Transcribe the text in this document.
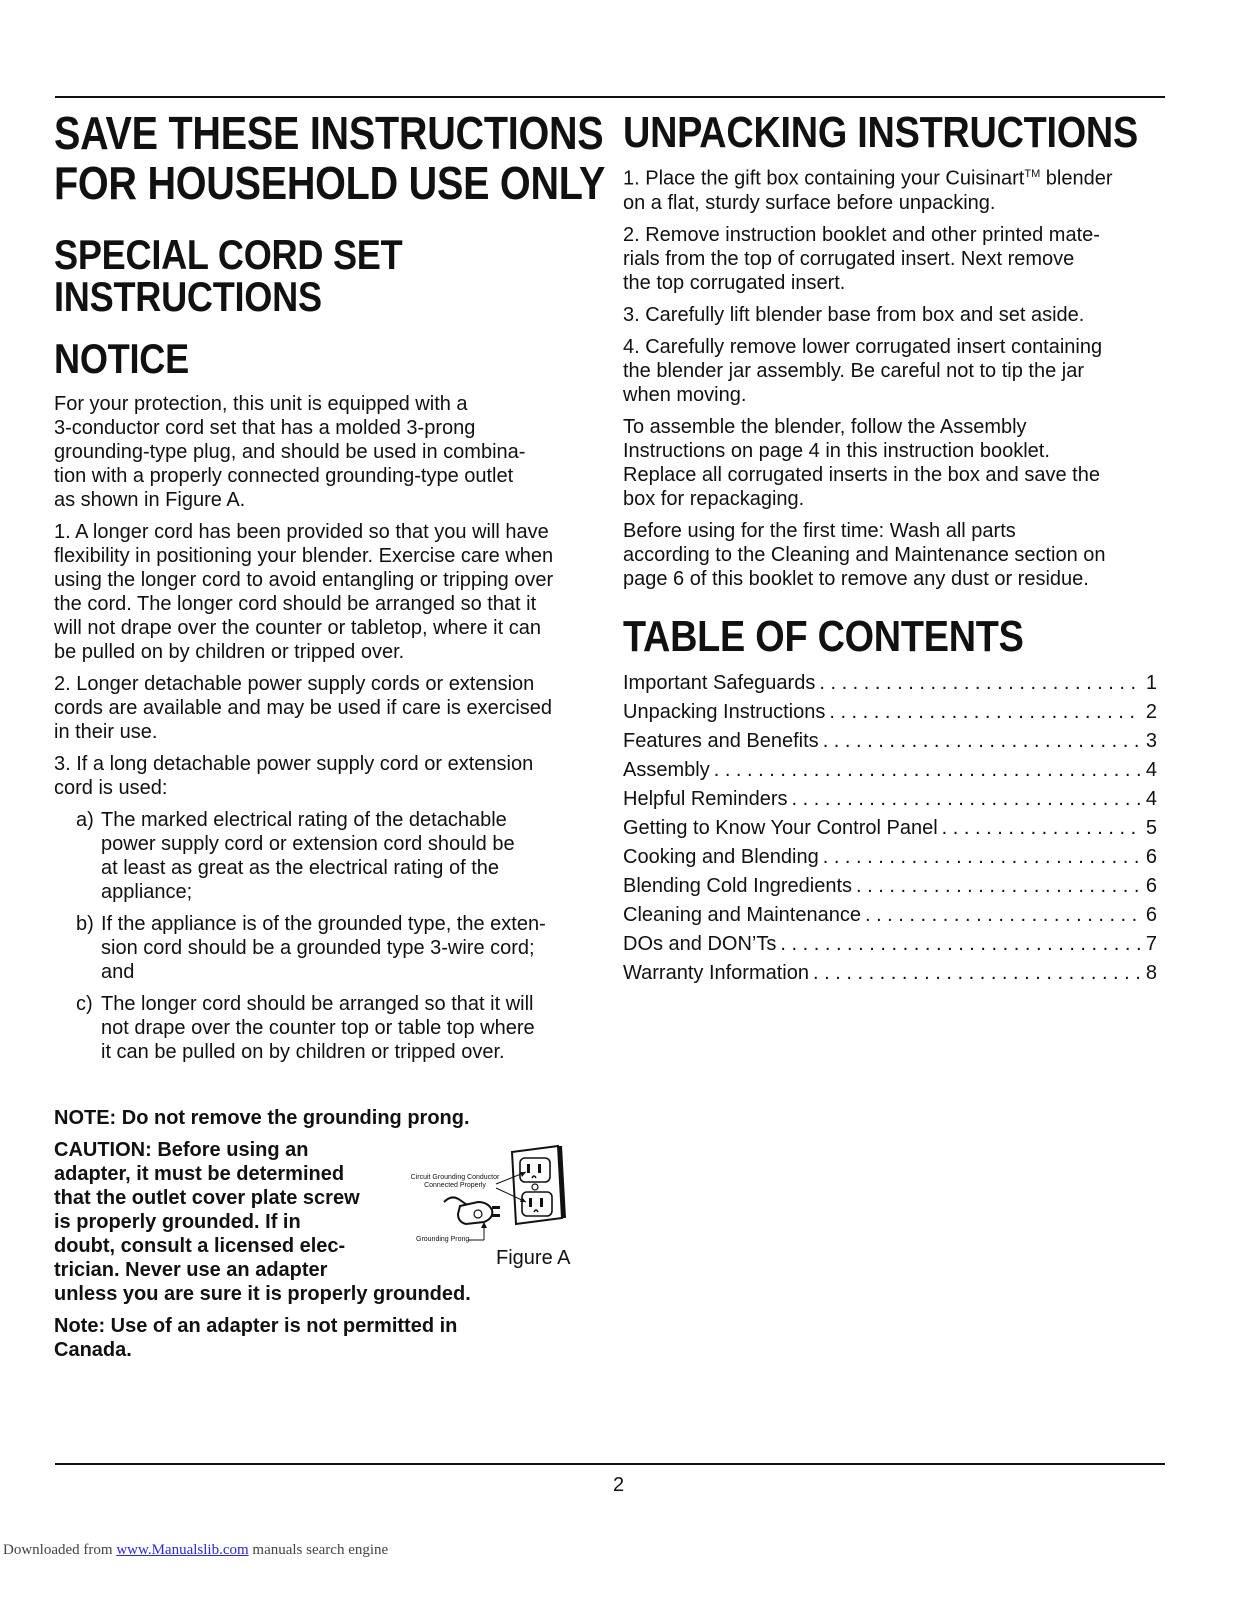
SAVE THESE INSTRUCTIONS
FOR HOUSEHOLD USE ONLY
SPECIAL CORD SET
INSTRUCTIONS
NOTICE

For your protection, this unit is equipped with a

3-conductor cord set that has a molded 3-prong

grounding-type plug, and should be used in combina-

tion with a properly connected grounding-type outlet

as shown in Figure A.

1. A longer cord has been provided so that you will have

flexibility in positioning your blender. Exercise care when

using the longer cord to avoid entangling or tripping over

the cord. The longer cord should be arranged so that it

will not drape over the counter or tabletop, where it can

be pulled on by children or tripped over.

2. Longer detachable power supply cords or extension

cords are available and may be used if care is exercised

in their use.

3. If a long detachable power supply cord or extension

cord is used:

a) The marked electrical rating of the detachable

power supply cord or extension cord should be

at least as great as the electrical rating of the

appliance;

b) If the appliance is of the grounded type, the exten-

sion cord should be a grounded type 3-wire cord;

and

c) The longer cord should be arranged so that it will

not drape over the counter top or table top where

it can be pulled on by children or tripped over.

NOTE: Do not remove the grounding prong.

CAUTION: Before using an

adapter, it must be determined

that the outlet cover plate screw

is properly grounded. If in

doubt, consult a licensed elec-

trician. Never use an adapter

unless you are sure it is properly grounded.

Circuit Grounding Conductor
Connected Properly
Grounding Prong
Figure A

Note: Use of an adapter is not permitted in

Canada.

UNPACKING INSTRUCTIONS

1. Place the gift box containing your Cuisinart™ blender

on a flat, sturdy surface before unpacking.

2. Remove instruction booklet and other printed mate-

rials from the top of corrugated insert. Next remove

the top corrugated insert.

3. Carefully lift blender base from box and set aside.

4. Carefully remove lower corrugated insert containing

the blender jar assembly. Be careful not to tip the jar

when moving.

To assemble the blender, follow the Assembly

Instructions on page 4 in this instruction booklet.

Replace all corrugated inserts in the box and save the

box for repackaging.

Before using for the first time: Wash all parts

according to the Cleaning and Maintenance section on

page 6 of this booklet to remove any dust or residue.

TABLE OF CONTENTS
Important Safeguards . . .	1
Unpacking Instructions . . .	2
Features and Benefits . . .	3
Assembly . . .	4
Helpful Reminders . . .	4
Getting to Know Your Control Panel . . .	5
Cooking and Blending . . .	6
Blending Cold Ingredients . . .	6
Cleaning and Maintenance . . .	6
DOs and DON’Ts . . .	7
Warranty Information . . .	8
2
Downloaded from www.Manualslib.com manuals search engine
